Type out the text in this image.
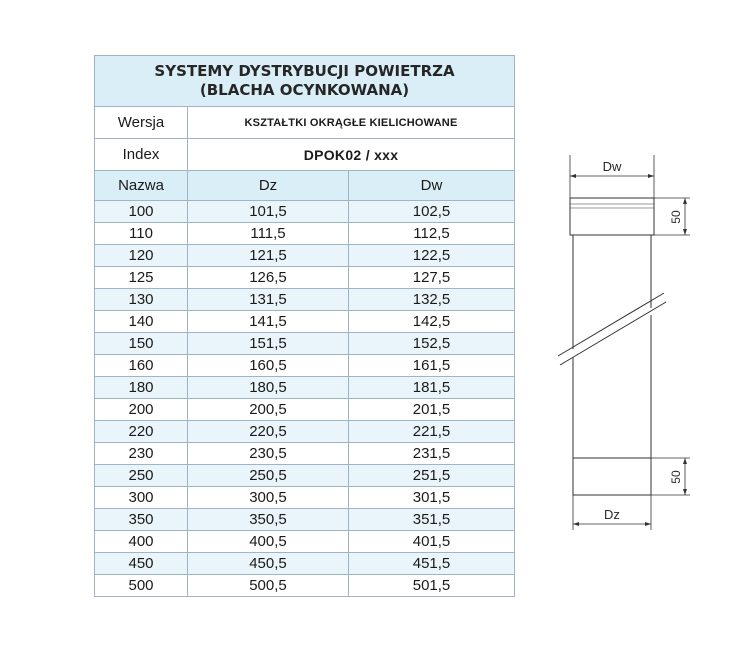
SYSTEMY DYSTRYBUCJI POWIETRZA
(BLACHA OCYNKOWANA)		

Wersja	KSZTAŁTKI OKRĄGŁE KIELICHOWANE	
Index	DPOK02 / xxx	
Nazwa	Dz	Dw
100	101,5	102,5
110	111,5	112,5
120	121,5	122,5
125	126,5	127,5
130	131,5	132,5
140	141,5	142,5
150	151,5	152,5
160	160,5	161,5
180	180,5	181,5
200	200,5	201,5
220	220,5	221,5
230	230,5	231,5
250	250,5	251,5
300	300,5	301,5
350	350,5	351,5
400	400,5	401,5
450	450,5	451,5
500	500,5	501,5
Dw
50
50
Dz
